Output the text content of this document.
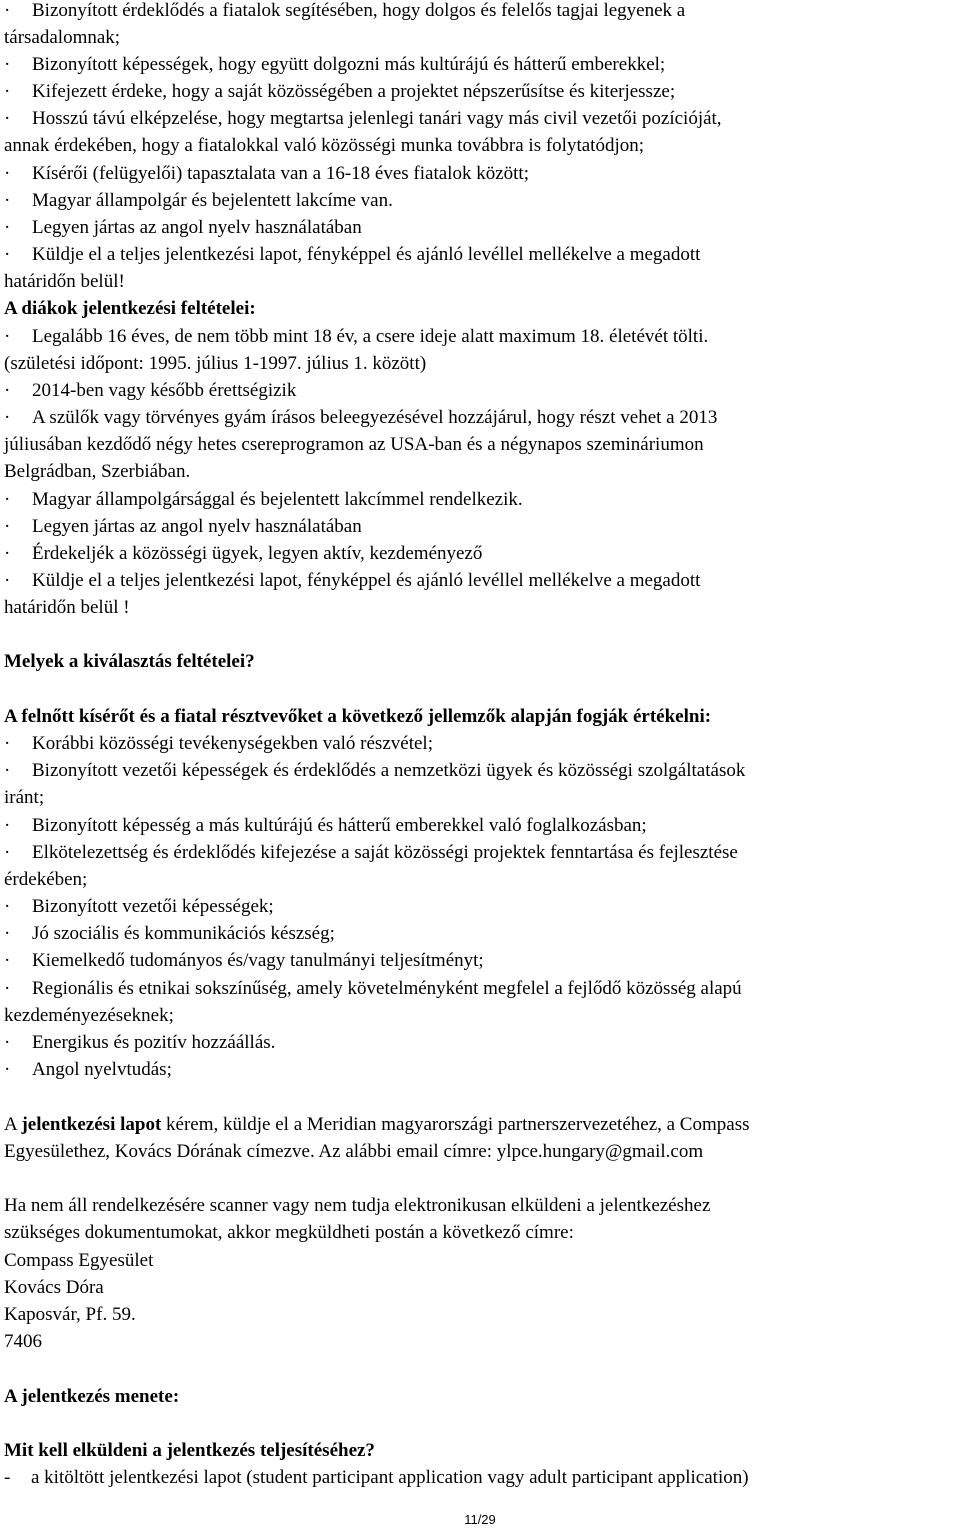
A jelentkezési lapot kérem, küldje el a Meridian magyarországi partnerszervezetéhez, a Compass
- a kitöltött jelentkezési lapot (student participant application vagy adult participant application)
· Bizonyított érdeklődés a fiatalok segítésében, hogy dolgos és felelős tagjai legyenek a
társadalomnak;
· Bizonyított képességek, hogy együtt dolgozni más kultúrájú és hátterű emberekkel;
· Kifejezett érdeke, hogy a saját közösségében a projektet népszerűsítse és kiterjessze;
· Hosszú távú elképzelése, hogy megtartsa jelenlegi tanári vagy más civil vezetői pozícióját,
annak érdekében, hogy a fiatalokkal való közösségi munka továbbra is folytatódjon;
· Kísérői (felügyelői) tapasztalata van a 16-18 éves fiatalok között;
· Magyar állampolgár és bejelentett lakcíme van.
· Legyen jártas az angol nyelv használatában
· Küldje el a teljes jelentkezési lapot, fényképpel és ajánló levéllel mellékelve a megadott
határidőn belül!
A diákok jelentkezési feltételei:
· Legalább 16 éves, de nem több mint 18 év, a csere ideje alatt maximum 18. életévét tölti.
(születési időpont: 1995. július 1-1997. július 1. között)
· 2014-ben vagy később érettségizik
· A szülők vagy törvényes gyám írásos beleegyezésével hozzájárul, hogy részt vehet a 2013
júliusában kezdődő négy hetes csereprogramon az USA-ban és a négynapos szemináriumon
Belgrádban, Szerbiában.
· Magyar állampolgársággal és bejelentett lakcímmel rendelkezik.
· Legyen jártas az angol nyelv használatában
· Érdekeljék a közösségi ügyek, legyen aktív, kezdeményező
· Küldje el a teljes jelentkezési lapot, fényképpel és ajánló levéllel mellékelve a megadott
határidőn belül !
Melyek a kiválasztás feltételei?
A felnőtt kísérőt és a fiatal résztvevőket a következő jellemzők alapján fogják értékelni:
· Korábbi közösségi tevékenységekben való részvétel;
· Bizonyított vezetői képességek és érdeklődés a nemzetközi ügyek és közösségi szolgáltatások
iránt;
· Bizonyított képesség a más kultúrájú és hátterű emberekkel való foglalkozásban;
· Elkötelezettség és érdeklődés kifejezése a saját közösségi projektek fenntartása és fejlesztése
érdekében;
· Bizonyított vezetői képességek;
· Jó szociális és kommunikációs készség;
· Kiemelkedő tudományos és/vagy tanulmányi teljesítményt;
· Regionális és etnikai sokszínűség, amely követelményként megfelel a fejlődő közösség alapú
kezdeményezéseknek;
· Energikus és pozitív hozzáállás.
· Angol nyelvtudás;
Egyesülethez, Kovács Dórának címezve. Az alábbi email címre: ylpce.hungary@gmail.com
Ha nem áll rendelkezésére scanner vagy nem tudja elektronikusan elküldeni a jelentkezéshez
szükséges dokumentumokat, akkor megküldheti postán a következő címre:
Compass Egyesület
Kovács Dóra
Kaposvár, Pf. 59.
7406
A jelentkezés menete:
Mit kell elküldeni a jelentkezés teljesítéséhez?
11/29
